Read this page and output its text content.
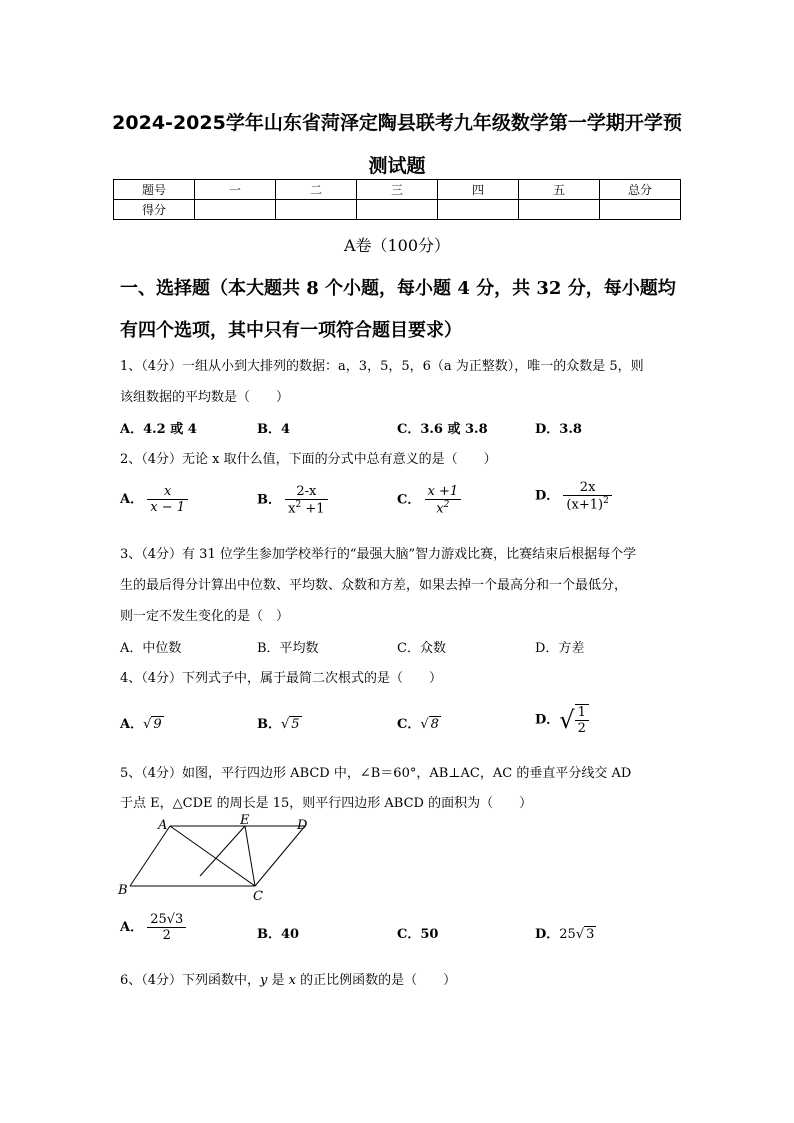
2024-2025学年山东省菏泽定陶县联考九年级数学第一学期开学预
测试题
题号	一	二	三	四	五	总分
得分						
A卷（100分）
一、选择题（本大题共 8 个小题，每小题 4 分，共 32 分，每小题均
有四个选项，其中只有一项符合题目要求）
1、（4分）一组从小到大排列的数据：a，3，5，5，6（a 为正整数），唯一的众数是 5，则
该组数据的平均数是（　　）
A．4.2 或 4	B．4	C．3.6 或 3.8	D．3.8
2、（4分）无论 x 取什么值，下面的分式中总有意义的是（　　）
A． $\frac{x}{x - 1}$	B． $\frac{2-x}{x^2 +1}$	C． $\frac{x +1}{x^2}$	D． $\frac{2x}{(x+1)^2}$
3、（4分）有 31 位学生参加学校举行的“最强大脑”智力游戏比赛，比赛结束后根据每个学
生的最后得分计算出中位数、平均数、众数和方差，如果去掉一个最高分和一个最低分，
则一定不发生变化的是（　）
A．中位数	B．平均数	C．众数	D．方差
4、（4分）下列式子中，属于最简二次根式的是（　　）
A．√ 9	B．√ 5	C．√ 8	D．√ $\frac{1}{2}$
5、（4分）如图，平行四边形 ABCD 中，∠B＝60°，AB⊥AC，AC 的垂直平分线交 AD
于点 E，△CDE 的周长是 15，则平行四边形 ABCD 的面积为（　　）
A
B	C
D
E
A． $\frac{25√3}{2}$	B．40	C．50	D．25√ 3
6、（4分）下列函数中，y 是 x 的正比例函数的是（　　）
